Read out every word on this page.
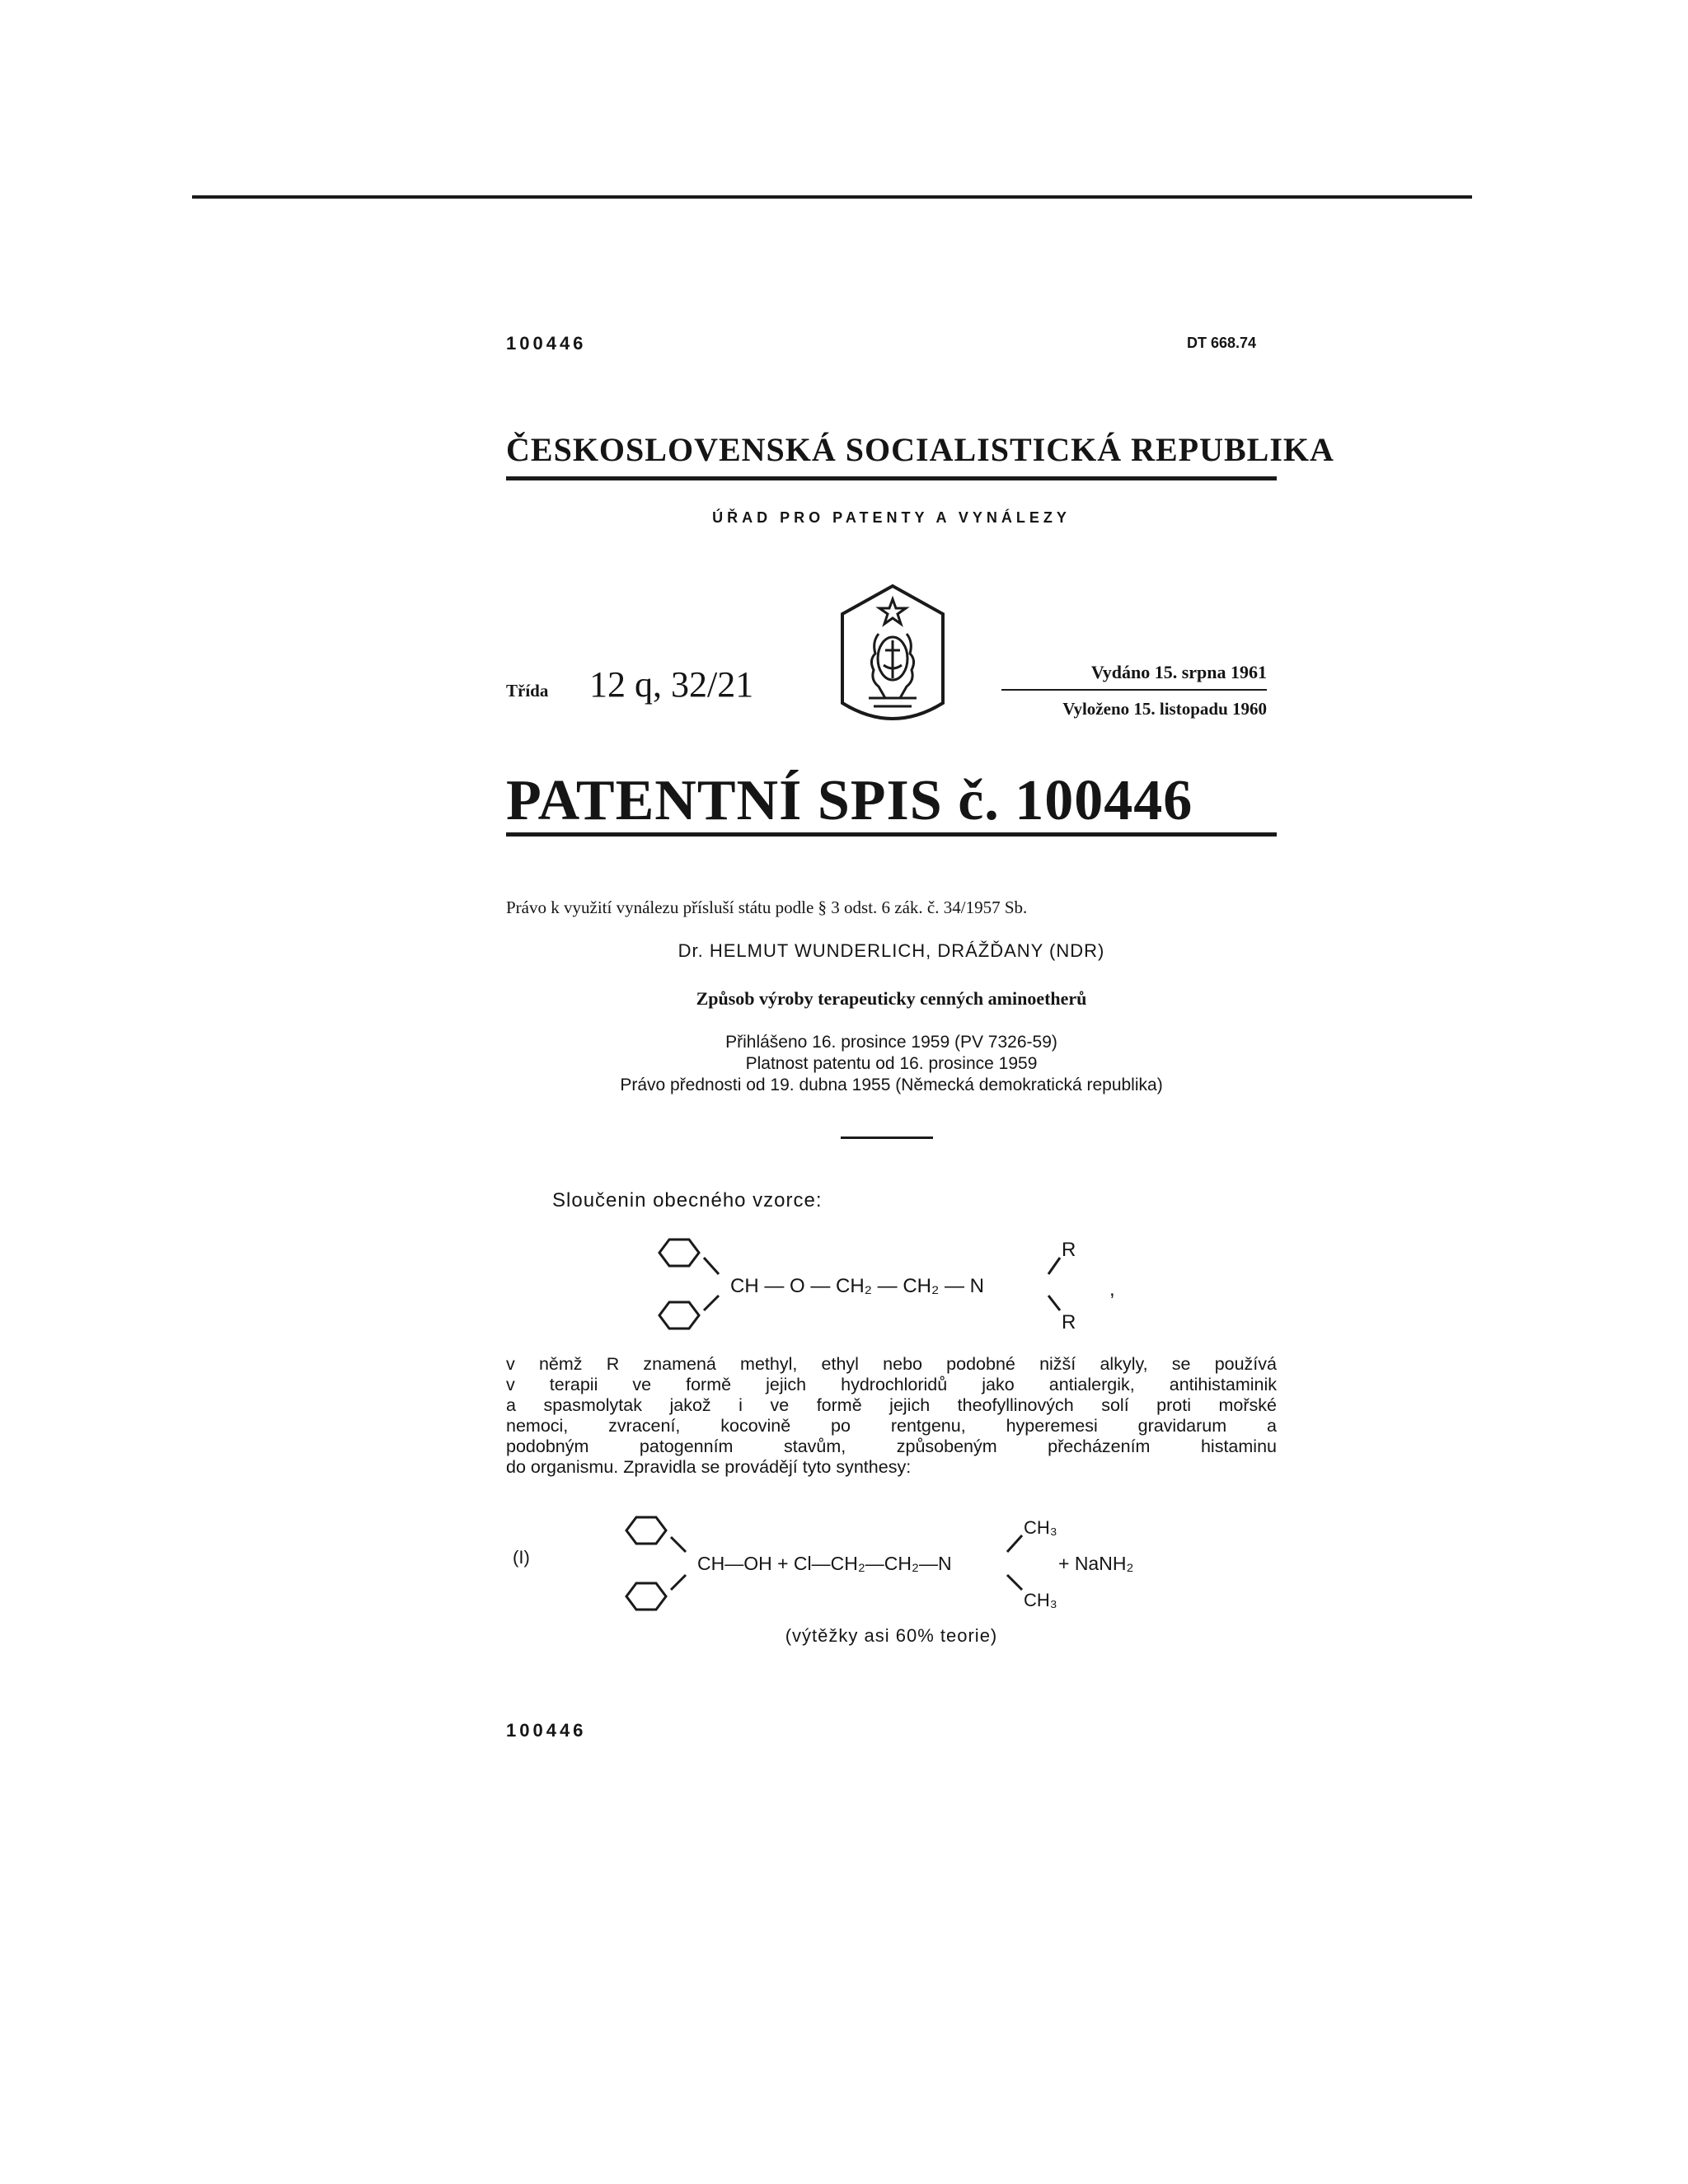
100446	DT 668.74
ČESKOSLOVENSKÁ SOCIALISTICKÁ REPUBLIKA
ÚŘAD PRO PATENTY A VYNÁLEZY
Třída 12 q, 32/21	Vydáno 15. srpna 1961
Vyloženo 15. listopadu 1960
PATENTNÍ SPIS č. 100446
Právo k využití vynálezu přísluší státu podle § 3 odst. 6 zák. č. 34/1957 Sb.
Dr. HELMUT WUNDERLICH, DRÁŽĎANY (NDR)
Způsob výroby terapeuticky cenných aminoetherů
Přihlášeno 16. prosince 1959 (PV 7326-59)
Platnost patentu od 16. prosince 1959
Právo přednosti od 19. dubna 1955 (Německá demokratická republika)
Sloučenin obecného vzorce:
CH — O — CH₂ — CH₂ — N
R
R
,

v němž R znamená methyl, ethyl nebo podobné nižší alkyly, se používá

v terapii ve formě jejich hydrochloridů jako antialergik, antihistaminik

a spasmolytak jakož i ve formě jejich theofyllinových solí proti mořské

nemoci, zvracení, kocovině po rentgenu, hyperemesi gravidarum a

podobným patogenním stavům, způsobeným přecházením histaminu

do organismu. Zpravidla se provádějí tyto synthesy:

(I)	CH—OH + Cl—CH₂—CH₂—N
CH₃
CH₃
+ NaNH₂
(výtěžky asi 60% teorie)
100446
